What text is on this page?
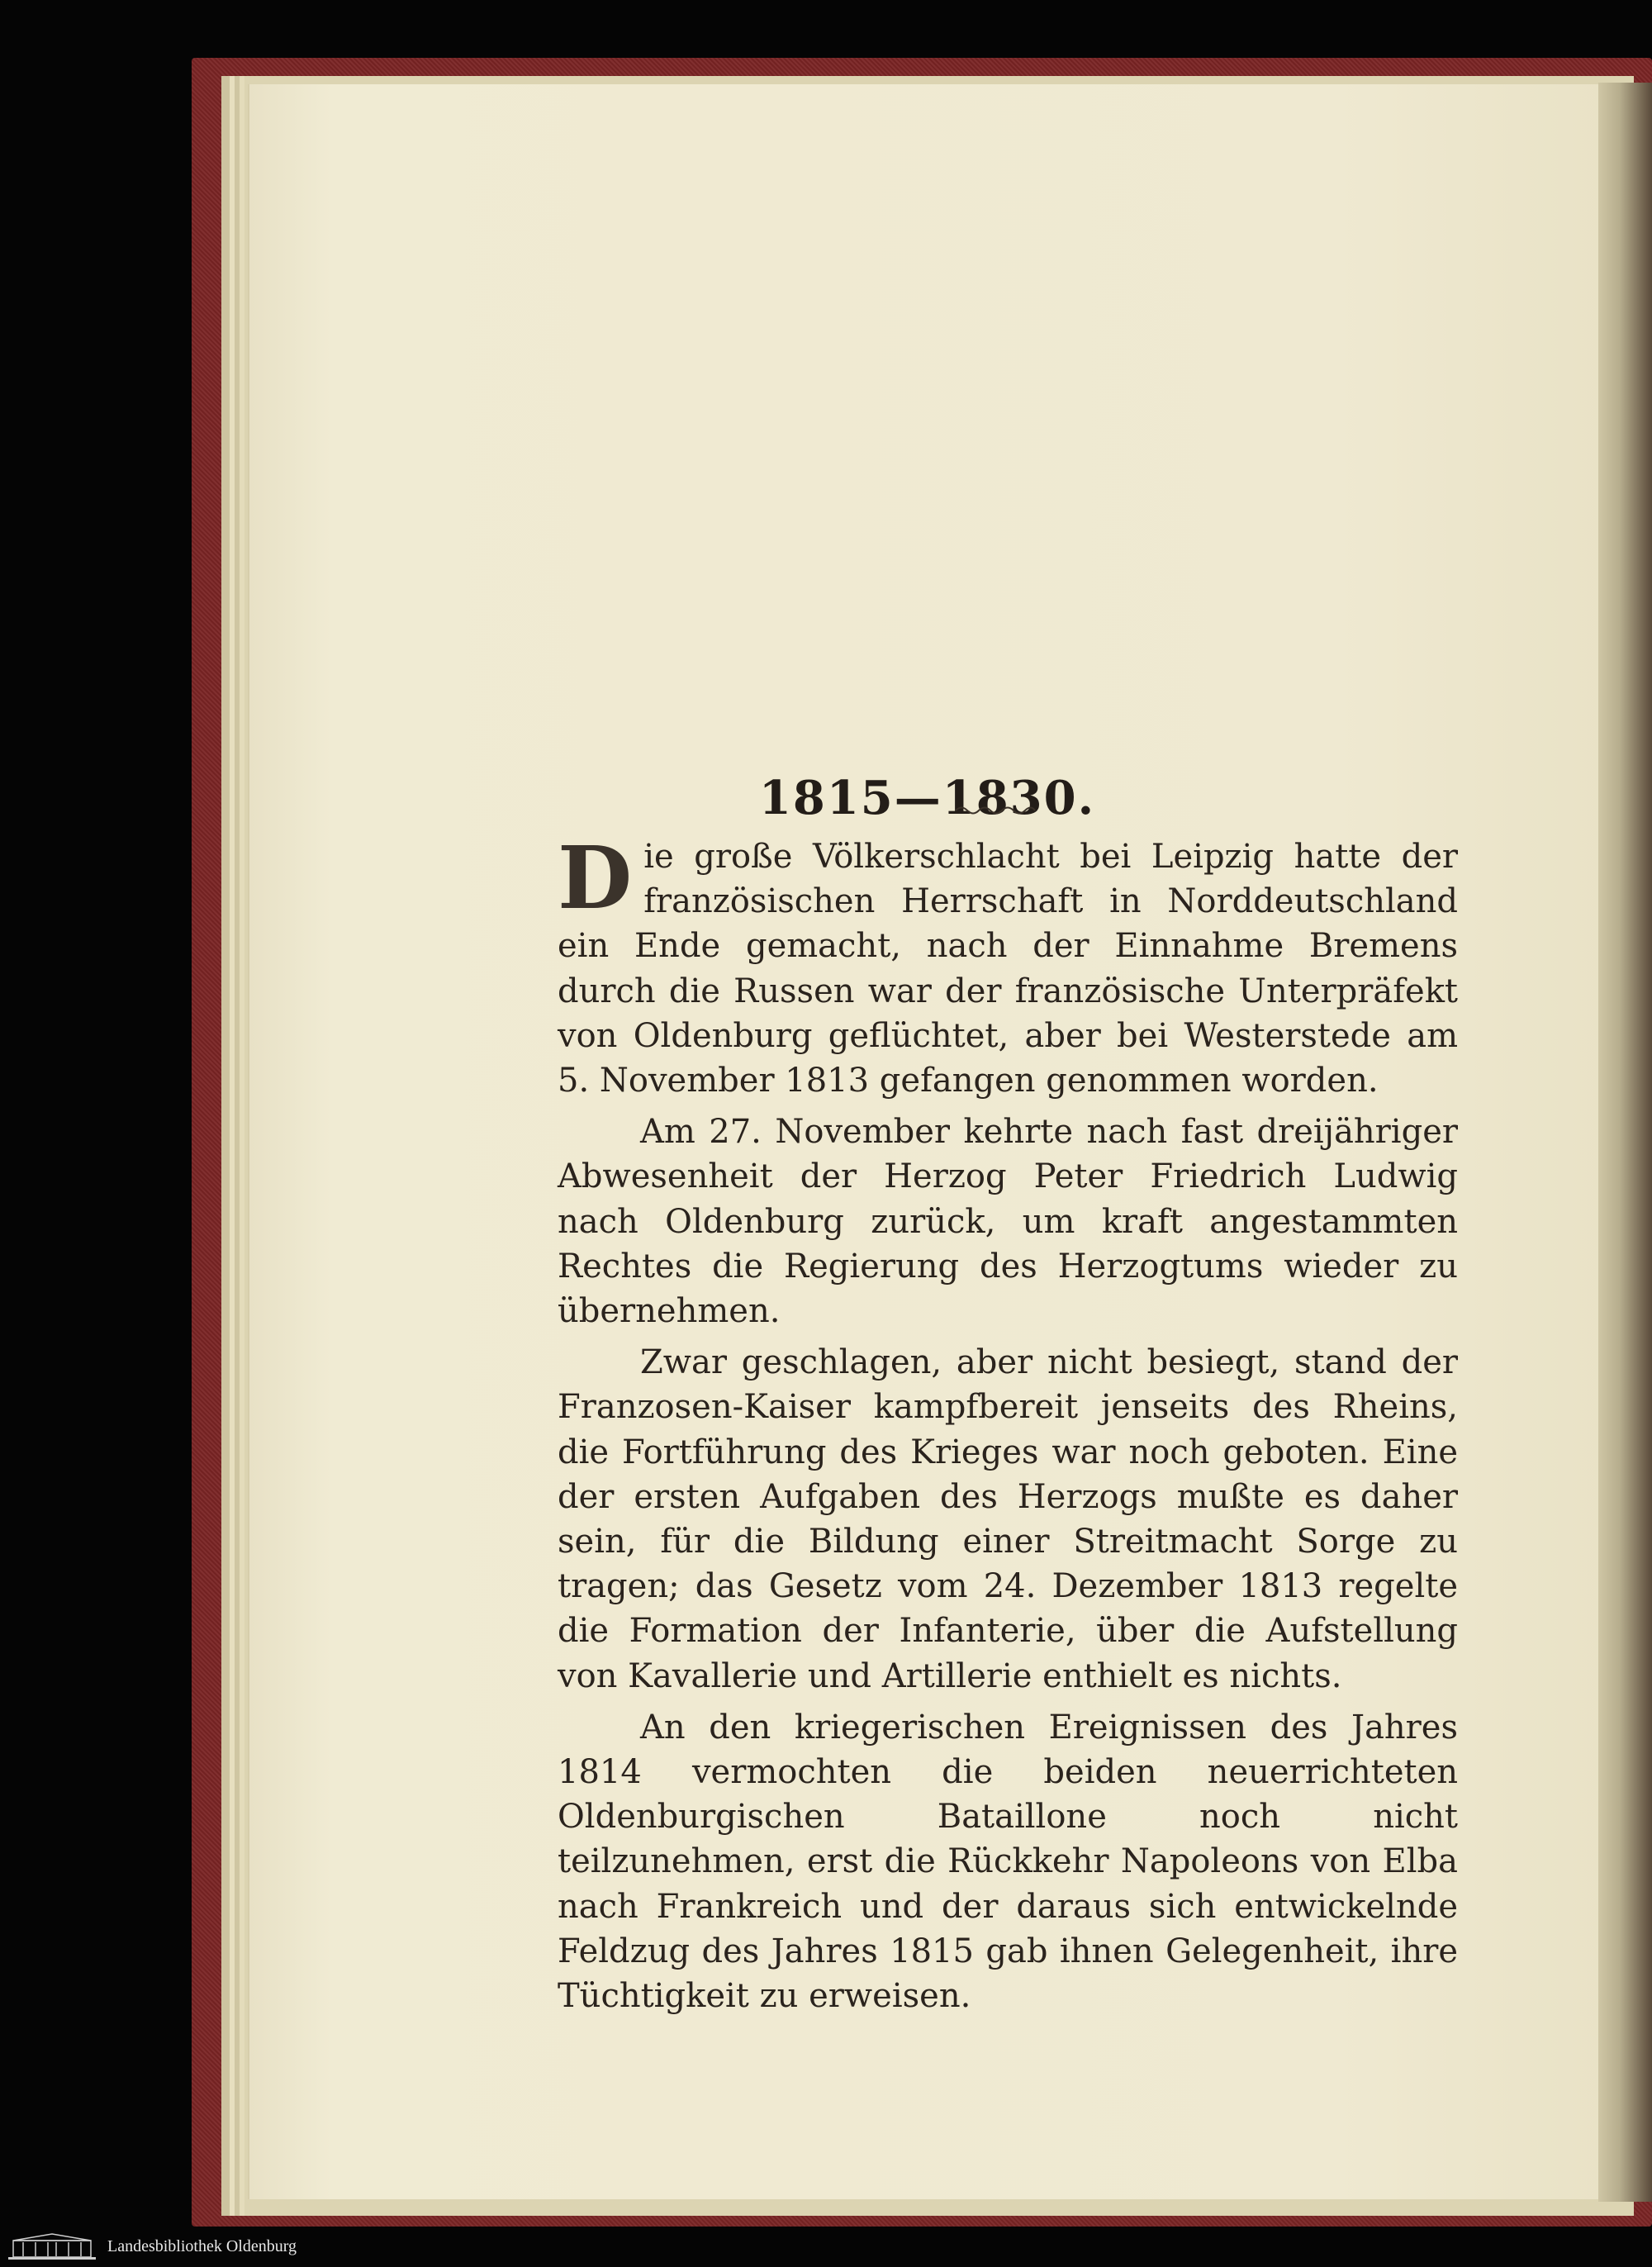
1815—1830.

Die große Völkerschlacht bei Leipzig hatte der französischen Herrschaft in Norddeutschland ein Ende gemacht, nach der Einnahme Bremens durch die Russen war der französische Unterpräfekt von Oldenburg geflüchtet, aber bei Westerstede am 5. November 1813 gefangen genommen worden.

Am 27. November kehrte nach fast dreijähriger Abwesenheit der Herzog Peter Friedrich Ludwig nach Oldenburg zurück, um kraft angestammten Rechtes die Regierung des Herzogtums wieder zu übernehmen.

Zwar geschlagen, aber nicht besiegt, stand der Franzosen-Kaiser kampfbereit jenseits des Rheins, die Fortführung des Krieges war noch geboten. Eine der ersten Aufgaben des Herzogs mußte es daher sein, für die Bildung einer Streitmacht Sorge zu tragen; das Gesetz vom 24. Dezember 1813 regelte die Formation der Infanterie, über die Aufstellung von Kavallerie und Artillerie enthielt es nichts.

An den kriegerischen Ereignissen des Jahres 1814 vermochten die beiden neuerrichteten Oldenburgischen Bataillone noch nicht teilzunehmen, erst die Rückkehr Napoleons von Elba nach Frankreich und der daraus sich entwickelnde Feldzug des Jahres 1815 gab ihnen Gelegenheit, ihre Tüchtigkeit zu erweisen.

Landesbibliothek Oldenburg
